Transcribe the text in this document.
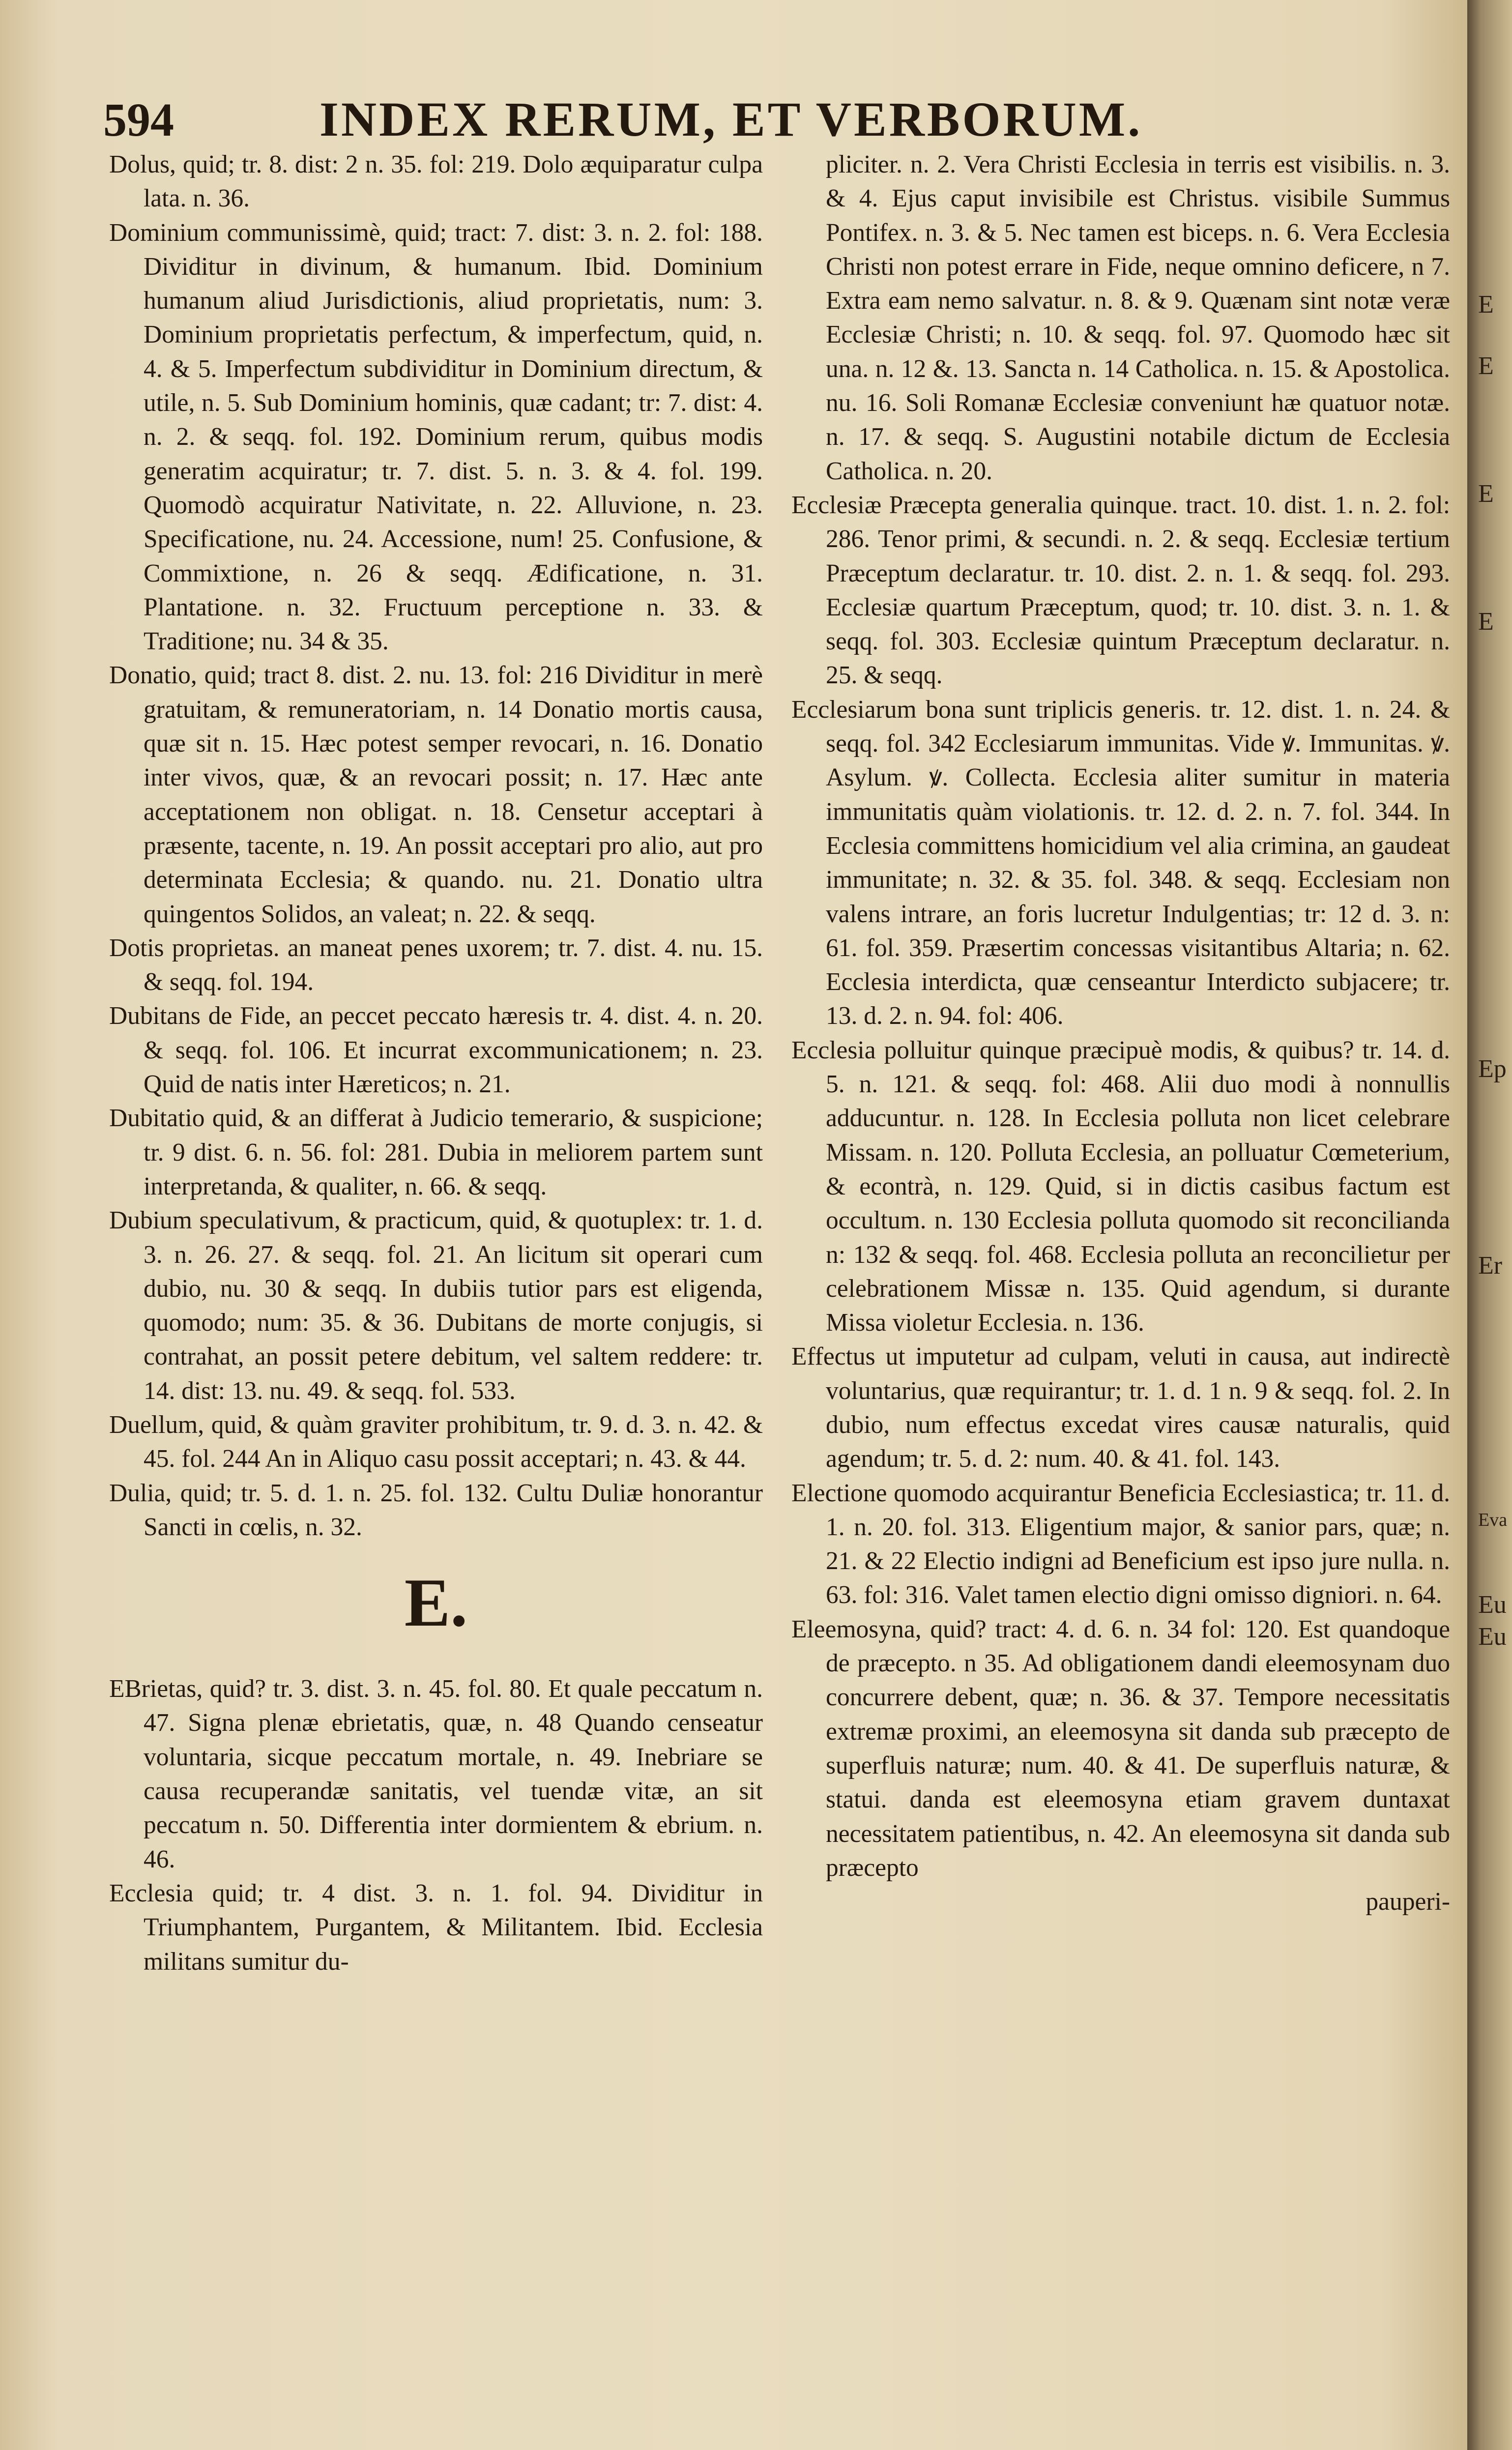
594	INDEX RERUM, ET VERBORUM.

Dolus, quid; tr. 8. dist: 2 n. 35. fol: 219. Dolo æquiparatur culpa lata. n. 36.

Dominium communissimè, quid; tract: 7. dist: 3. n. 2. fol: 188. Dividitur in divinum, & humanum. Ibid. Dominium humanum aliud Jurisdictionis, aliud proprietatis, num: 3. Dominium proprietatis perfectum, & imperfectum, quid, n. 4. & 5. Imperfectum subdividitur in Dominium directum, & utile, n. 5. Sub Dominium hominis, quæ cadant; tr: 7. dist: 4. n. 2. & seqq. fol. 192. Dominium rerum, quibus modis generatim acquiratur; tr. 7. dist. 5. n. 3. & 4. fol. 199. Quomodò acquiratur Nativitate, n. 22. Alluvione, n. 23. Specificatione, nu. 24. Accessione, num! 25. Confusione, & Commixtione, n. 26 & seqq. Ædificatione, n. 31. Plantatione. n. 32. Fructuum perceptione n. 33. & Traditione; nu. 34 & 35.

Donatio, quid; tract 8. dist. 2. nu. 13. fol: 216 Dividitur in merè gratuitam, & remuneratoriam, n. 14 Donatio mortis causa, quæ sit n. 15. Hæc potest semper revocari, n. 16. Donatio inter vivos, quæ, & an revocari possit; n. 17. Hæc ante acceptationem non obligat. n. 18. Censetur acceptari à præsente, tacente, n. 19. An possit acceptari pro alio, aut pro determinata Ecclesia; & quando. nu. 21. Donatio ultra quingentos Solidos, an valeat; n. 22. & seqq.

Dotis proprietas. an maneat penes uxorem; tr. 7. dist. 4. nu. 15. & seqq. fol. 194.

Dubitans de Fide, an peccet peccato hæresis tr. 4. dist. 4. n. 20. & seqq. fol. 106. Et incurrat excommunicationem; n. 23. Quid de natis inter Hæreticos; n. 21.

Dubitatio quid, & an differat à Judicio temerario, & suspicione; tr. 9 dist. 6. n. 56. fol: 281. Dubia in meliorem partem sunt interpretanda, & qualiter, n. 66. & seqq.

Dubium speculativum, & practicum, quid, & quotuplex: tr. 1. d. 3. n. 26. 27. & seqq. fol. 21. An licitum sit operari cum dubio, nu. 30 & seqq. In dubiis tutior pars est eligenda, quomodo; num: 35. & 36. Dubitans de morte conjugis, si contrahat, an possit petere debitum, vel saltem reddere: tr. 14. dist: 13. nu. 49. & seqq. fol. 533.

Duellum, quid, & quàm graviter prohibitum, tr. 9. d. 3. n. 42. & 45. fol. 244 An in Aliquo casu possit acceptari; n. 43. & 44.

Dulia, quid; tr. 5. d. 1. n. 25. fol. 132. Cultu Duliæ honorantur Sancti in cœlis, n. 32.

E.

EBrietas, quid? tr. 3. dist. 3. n. 45. fol. 80. Et quale peccatum n. 47. Signa plenæ ebrietatis, quæ, n. 48 Quando censeatur voluntaria, sicque peccatum mortale, n. 49. Inebriare se causa recuperandæ sanitatis, vel tuendæ vitæ, an sit peccatum n. 50. Differentia inter dormientem & ebrium. n. 46.

Ecclesia quid; tr. 4 dist. 3. n. 1. fol. 94. Dividitur in Triumphantem, Purgantem, & Militantem. Ibid. Ecclesia militans sumitur du-

pliciter. n. 2. Vera Christi Ecclesia in terris est visibilis. n. 3. & 4. Ejus caput invisibile est Christus. visibile Summus Pontifex. n. 3. & 5. Nec tamen est biceps. n. 6. Vera Ecclesia Christi non potest errare in Fide, neque omnino deficere, n 7. Extra eam nemo salvatur. n. 8. & 9. Quænam sint notæ veræ Ecclesiæ Christi; n. 10. & seqq. fol. 97. Quomodo hæc sit una. n. 12 &. 13. Sancta n. 14 Catholica. n. 15. & Apostolica. nu. 16. Soli Romanæ Ecclesiæ conveniunt hæ quatuor notæ. n. 17. & seqq. S. Augustini notabile dictum de Ecclesia Catholica. n. 20.

Ecclesiæ Præcepta generalia quinque. tract. 10. dist. 1. n. 2. fol: 286. Tenor primi, & secundi. n. 2. & seqq. Ecclesiæ tertium Præceptum declaratur. tr. 10. dist. 2. n. 1. & seqq. fol. 293. Ecclesiæ quartum Præceptum, quod; tr. 10. dist. 3. n. 1. & seqq. fol. 303. Ecclesiæ quintum Præceptum declaratur. n. 25. & seqq.

Ecclesiarum bona sunt triplicis generis. tr. 12. dist. 1. n. 24. & seqq. fol. 342 Ecclesiarum immunitas. Vide ꝟ. Immunitas. ꝟ. Asylum. ꝟ. Collecta. Ecclesia aliter sumitur in materia immunitatis quàm violationis. tr. 12. d. 2. n. 7. fol. 344. In Ecclesia committens homicidium vel alia crimina, an gaudeat immunitate; n. 32. & 35. fol. 348. & seqq. Ecclesiam non valens intrare, an foris lucretur Indulgentias; tr: 12 d. 3. n: 61. fol. 359. Præsertim concessas visitantibus Altaria; n. 62. Ecclesia interdicta, quæ censeantur Interdicto subjacere; tr. 13. d. 2. n. 94. fol: 406.

Ecclesia polluitur quinque præcipuè modis, & quibus? tr. 14. d. 5. n. 121. & seqq. fol: 468. Alii duo modi à nonnullis adducuntur. n. 128. In Ecclesia polluta non licet celebrare Missam. n. 120. Polluta Ecclesia, an polluatur Cœmeterium, & econtrà, n. 129. Quid, si in dictis casibus factum est occultum. n. 130 Ecclesia polluta quomodo sit reconcilianda n: 132 & seqq. fol. 468. Ecclesia polluta an reconcilietur per celebrationem Missæ n. 135. Quid agendum, si durante Missa violetur Ecclesia. n. 136.

Effectus ut imputetur ad culpam, veluti in causa, aut indirectè voluntarius, quæ requirantur; tr. 1. d. 1 n. 9 & seqq. fol. 2. In dubio, num effectus excedat vires causæ naturalis, quid agendum; tr. 5. d. 2: num. 40. & 41. fol. 143.

Electione quomodo acquirantur Beneficia Ecclesiastica; tr. 11. d. 1. n. 20. fol. 313. Eligentium major, & sanior pars, quæ; n. 21. & 22 Electio indigni ad Beneficium est ipso jure nulla. n. 63. fol: 316. Valet tamen electio digni omisso digniori. n. 64.

Eleemosyna, quid? tract: 4. d. 6. n. 34 fol: 120. Est quandoque de præcepto. n 35. Ad obligationem dandi eleemosynam duo concurrere debent, quæ; n. 36. & 37. Tempore necessitatis extremæ proximi, an eleemosyna sit danda sub præcepto de superfluis naturæ; num. 40. & 41. De superfluis naturæ, & statui. danda est eleemosyna etiam gravem duntaxat necessitatem patientibus, n. 42. An eleemosyna sit danda sub præcepto

pauperi-

E
E
E
E
Ep
Er
Eva
Eu
Eu
